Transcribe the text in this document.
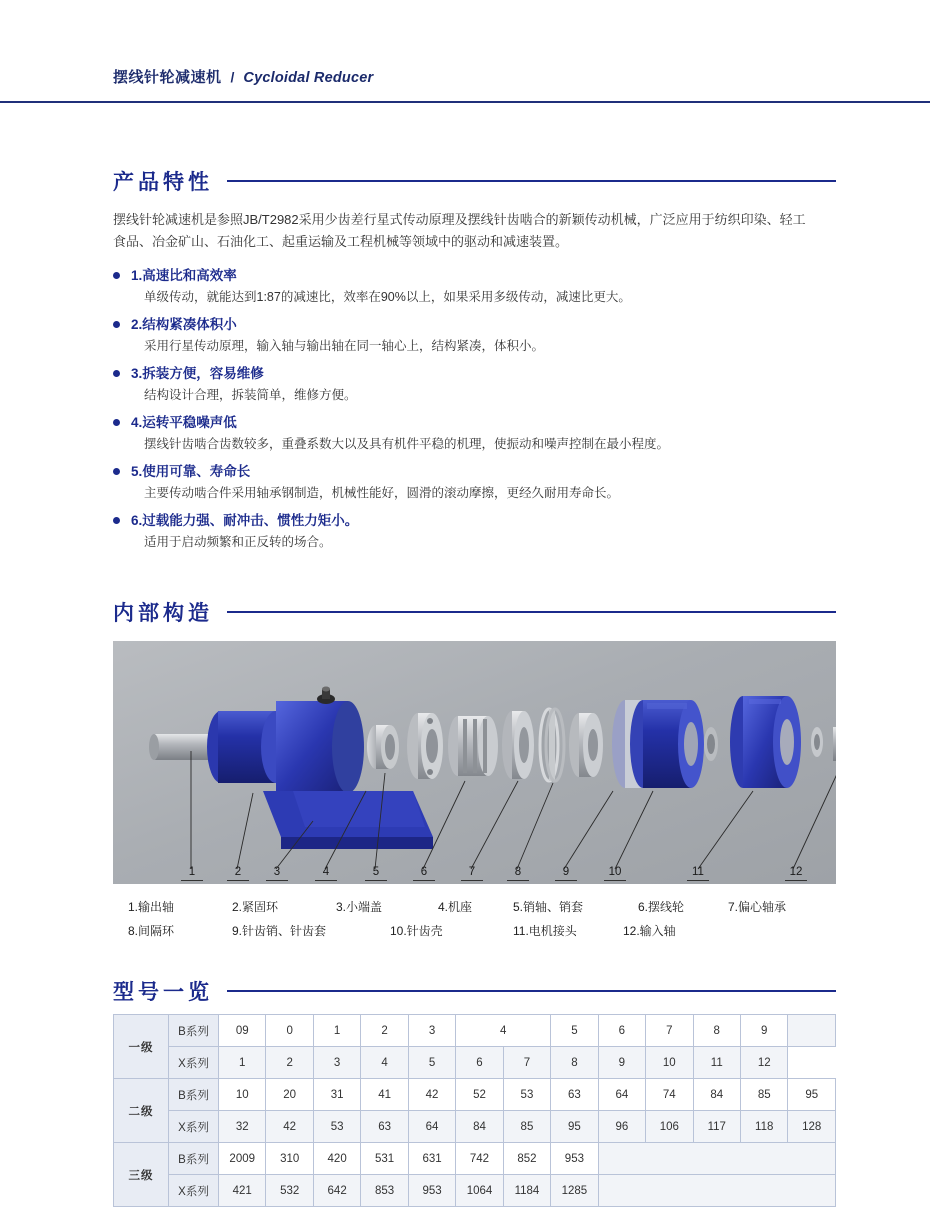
摆线针轮减速机 / Cycloidal Reducer
产品特性
摆线针轮减速机是参照JB/T2982采用少齿差行星式传动原理及摆线针齿啮合的新颖传动机械，广泛应用于纺织印染、轻工食品、冶金矿山、石油化工、起重运输及工程机械等领域中的驱动和减速装置。
1.高速比和高效率
单级传动，就能达到1:87的减速比，效率在90%以上，如果采用多级传动，减速比更大。
2.结构紧凑体积小
采用行星传动原理，输入轴与输出轴在同一轴心上，结构紧凑，体积小。
3.拆装方便，容易维修
结构设计合理，拆装简单，维修方便。
4.运转平稳噪声低
摆线针齿啮合齿数较多，重叠系数大以及具有机件平稳的机理，使振动和噪声控制在最小程度。
5.使用可靠、寿命长
主要传动啮合件采用轴承钢制造，机械性能好，圆滑的滚动摩擦，更经久耐用寿命长。
6.过载能力强、耐冲击、惯性力矩小。
适用于启动频繁和正反转的场合。
内部构造
1	2	3	4	5	6	7	8	9	10	11	12
1.输出轴	2.紧固环	3.小端盖	4.机座	5.销轴、销套	6.摆线轮	7.偏心轴承
8.间隔环	9.针齿销、针齿套	10.针齿壳	11.电机接头	12.输入轴
型号一览
一级	B系列	09	0	1	2	3	4		5	6	7	8	9	
	X系列	1	2	3	4	5	6	7	8	9	10	11	12	
二级	B系列	10	20	31	41	42	52	53	63	64	74	84	85	95
	X系列	32	42	53	63	64	84	85	95	96	106	117	118	128
三级	B系列	2009	310	420	531	631	742	852	953					
	X系列	421	532	642	853	953	1064	1184	1285					
